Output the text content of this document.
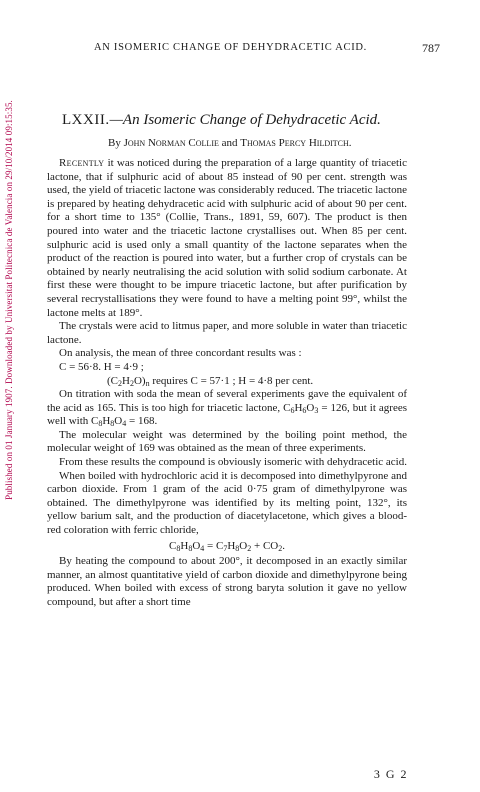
Published on 01 January 1907. Downloaded by Universitat Politecnica de Valencia on 29/10/2014 09:15:35.
AN ISOMERIC CHANGE OF DEHYDRACETIC ACID.	787
LXXII.—An Isomeric Change of Dehydracetic Acid.
By John Norman Collie and Thomas Percy Hilditch.

Recently it was noticed during the preparation of a large quantity of triacetic lactone, that if sulphuric acid of about 85 instead of 90 per cent. strength was used, the yield of triacetic lactone was considerably reduced. The triacetic lactone is prepared by heating dehydracetic acid with sulphuric acid of about 90 per cent. for a short time to 135° (Collie, Trans., 1891, 59, 607). The product is then poured into water and the triacetic lactone crystallises out. When 85 per cent. sulphuric acid is used only a small quantity of the lactone separates when the product of the reaction is poured into water, but a further crop of crystals can be obtained by nearly neutralising the acid solution with solid sodium carbonate. At first these were thought to be impure triacetic lactone, but after purification by several recrystallisations they were found to have a melting point 99°, whilst the lactone melts at 189°.

The crystals were acid to litmus paper, and more soluble in water than triacetic lactone.

On analysis, the mean of three concordant results was :

C = 56·8. H = 4·9 ;

$(C_2H_2O)_n$ requires C = 57·1 ; H = 4·8 per cent.

On titration with soda the mean of several experiments gave the equivalent of the acid as 165. This is too high for triacetic lactone, $C_6H_6O_3 = 126$, but it agrees well with $C_8H_8O_4 = 168$.

The molecular weight was determined by the boiling point method, the molecular weight of 169 was obtained as the mean of three experiments.

From these results the compound is obviously isomeric with dehydracetic acid.

When boiled with hydrochloric acid it is decomposed into dimethylpyrone and carbon dioxide. From 1 gram of the acid 0·75 gram of dimethylpyrone was obtained. The dimethylpyrone was identified by its melting point, 132°, its yellow barium salt, and the production of diacetylacetone, which gives a blood-red coloration with ferric chloride,

$C_8H_8O_4 = C_7H_8O_2 + CO_2$.

By heating the compound to about 200°, it decomposed in an exactly similar manner, an almost quantitative yield of carbon dioxide and dimethylpyrone being produced. When boiled with excess of strong baryta solution it gave no yellow compound, but after a short time

3 G 2
